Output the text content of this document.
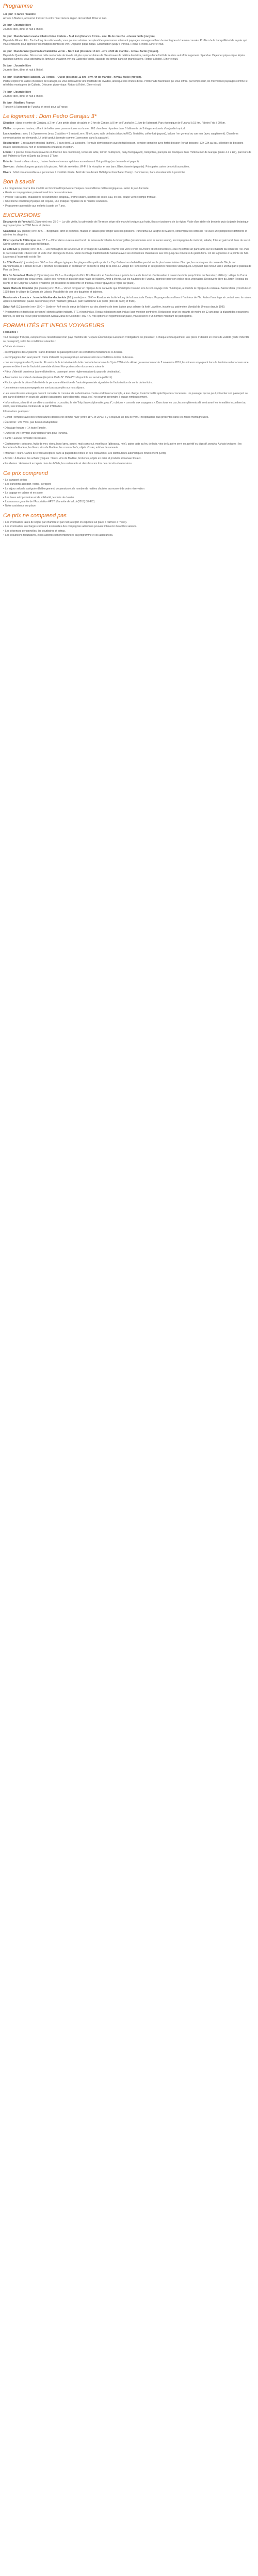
Programme
1er jour : France / Madère

Arrivée à Madère, accueil et transfert à votre hôtel dans la région de Funchal. Dîner et nuit.

2e jour : Journée libre

Journée libre, dîner et nuit à l'hôtel.

3e jour : Randonnée Levada Ribeiro Frio / Portela – Sud Est (distance 11 km - env. 4h de marche - niveau facile (moyen).

Départ de Ribeiro Frio. Tout le long de cette levada, vous pourrez admirer de splendides panoramas alternant paysages sauvages à flanc de montagne et chemins creusés. Profitez de la tranquillité et de la paix qui vous entourent pour apprécier les multiples teintes de vert. Déjeuner pique-nique. Continuation jusqu'à Portela. Retour à l'hôtel. Dîner et nuit.

4e jour : Randonnée Queimadas/Caldeirão Verde – Nord Est (distance 13 km - env. 4h30 de marche - niveau facile (moyen).

Départ de Queimadas. Découvrez cette randonnée de levada dû plus spectaculaires de l'île à travers la célèbre laurisilva, vestige d'une forêt de lauriers autrefois largement répandue. Déjeuner pique-nique. Après quelques tunnels, vous atteindrez la fameuse chaudron vert ou Caldeirão Verde, cascade qui tombe dans un grand cratère. Retour à l'hôtel. Dîner et nuit.

5e jour : Journée libre

Journée libre, dîner et nuit à l'hôtel.

6e jour : Randonnée Rabaçal / 25 Fontes – Ouest (distance 11 km - env. 4h de marche - niveau facile (moyen).

Partez explorer la vallée encaissée de Rabaçal, où vous découvrirez une multitude de levadas, ainsi que des chutes d'eau. Promenade fascinante qui vous offrira, par temps clair, de merveilleux paysages comme le relief des montagnes de Calheta. Déjeuner pique-nique. Retour à l'hôtel. Dîner et nuit.

7e jour : Journée libre

Journée libre, dîner et nuit à l'hôtel.

8e jour : Madère / France

Transfert à l'aéroport de Funchal et envol pour la France.

Le logement : Dom Pedro Garajau 3*

Situation : dans le centre de Garajau, à 2 km d'une petite plage de galets et 2 km de Caniço, à 8 km de Funchal et 11 km de l'aéroport. Parc écologique de Funchal à 15 km, Ribeiro Frio à 20 km.

Chiffre : un peu en hauteur, offrant de belles vues panoramiques sur la mer. 263 chambres réparties dans 6 bâtiments de 3 étages entourés d'un jardin tropical.

Les chambres : avec 1 à 3 personnes (max. 2 adultes + 1 enfant), env. 28 m², avec salle de bains (douche/WC), l'installée, coffre-fort (payant), balcon ! en genéral ou vue mer (avec supplément). Chambres communicantes sur demande. Lit bébé gratuit (compte comme 1 personne dans la capacité).

Restauration : 1 restaurant principal (buffets), 2 bars dont 1 à la piscine. Formule demi-pension avec forfait boisson, pension complète avec forfait boisson (forfait boisson : 33h-23h au bar, sélection de boissons locales alcoolisées ou non et de boissons chaudes) en option.

Loisirs : 1 piscine d'eau douce (ouverte en fonction des conditions), tennis de table, terrain multisports, baby-foot (payant), trampoline, panoplie de boutiques dans l'hôtel à mer de Garajau (entre 4 à 2 km), parcours de golf Palheiro à 4 km et Santo da Serra à 17 km).

Enfants : bassins d'eau douce, chaises hautes et menus spéciaux au restaurant. Baby-sitting (sur demande et payant).

Services : chaises longues gratuits à la piscine. Prêt de serviettes. Wi-Fi à la réception et aux bars. Blanchisserie (payante). Principales cartes de crédit acceptées.

Divers : hôtel non accessible aux personnes à mobilité réduite. Arrêt de bus devant l'hôtel pour Funchal et Caniço. Commerces, bars et restaurants à proximité.

Bon à savoir
• Le programme pourra être modifié en fonction d'imprévus techniques ou conditions météorologiques ou selon le jour d'arrivée.
• Guide accompagnateur professionnel lors des randonnées.
• Prévoir : sac à dos, chaussures de randonnée, chapeau, crème solaire, lunettes de soleil, eau, en cas, coupe-vent et lampe frontale.
• Une bonne condition physique est requise, une pratique régulière de la marche souhaitée.
• Programme accessible aux enfants à partir de 7 ans.
EXCURSIONS

Découverte de Funchal (1/2 journée) env. 35 € — La ville vivifie, la cathédrale de l'île reste siège et le marché typique aux fruits, fleurs et poissons de la région. Visite d'un atelier de broderie puis du jardin botanique regroupant plus de 2000 fleurs et plantes.

Calamaras (1/2 journée) env. 30 € — Belgimalio, arrêt le pommes, maquis et tabacs pour longer avec les poissons. Panorama sur la ligne de Madère, contemplez les côtes de l'île avec une perspective différente et admirez les dauphins.

Dîner spectacle folklorique env. 37 € — Dîner dans un restaurant local : le fameuse brochette de bœuf grillée (assaisonnée avec le laurier sauce), accompagnée de mots frit, salade, frites et gain local dans du sucré. Soirée animée par un groupe folklorique.

Le Côté Est (1 journée) env. 36 € — Les montagnes de la Côté Est et le village de Camacha. Pouvoir voir vers le Pico do Arieiro et son belvédère (1 810 m) offrant un panorama sur les massifs du centre de l'île. Puis le parc naturel de Ribeiro Frio et visite d'un élevage de truites. Visite du village traditionnel de Santana avec ses étonnantes chaumières aux toits jusqu'au cimetière du jardin flora. Fin de la journée à la pointe de São Lourenço à l'extrémité est de l'île.

Le Côté Ouest (1 journée) env. 36 € — Les villages typiques, les plages et les petits ports. Le Cap Girão et son belvédère perché sur la plus haute falaise d'Europe, les montagnes du centre de l'île, le col d'Encumeada, la « Route de l'Est » proches de cascades et continuer en corniche le long de la côte. Le village de Porto Moniz et ses piscines naturelles volcaniques. Déjeuner puis retour vers Funchal par le plateau de Paul da Serra.

Eira Do Serrado & Monte (1/2 journée) env. 25 € — Vue depuis la Pico Dos Barcelos et l'un des beaux points de vue de Funchal. Continuation à travers les bois jusqu'à Eira do Serrado (1 026 m) : village du Curral das Freiras visible par beau temps. Vallée des Nonnes et plus loin plus haute de Madère. Arrêt à Monte, sur les hauteurs de Funchal, apprécié pour son église et sa végétation. Découverte libre du Jardin Tropical du Monte et de l'Emprour Charles d'Autriche (et possibilité de descente en traineau d'osier (payant) à régler sur place).

Santa Maria de Colombo (1/2 journée) env. 35 € — Venez naviguer en réplique de la caravelle que Christophe Colomb lors de son voyage vers l'Amérique, à bord de la réplique du vaisseau Santa Maria (construite en 1998 dans le village de Camara de Lobos). Possibilité de voir des dauphins et baleines.

Randonnée « Levada » : la route Madère d'autrefois (1/2 journée) env. 30 € — Randonnée facile le long de la Levada de Caniço. Paysages des collines à l'intérieur de l'île. Faites l'avantage et contact avec la nature. Après la randonnée, pause café (inclus) chez l'habitant (gâteaux, pain traditionnel à la poêle (bolo de caco) et fruits).

Safari 4x4 (1/2 journée) env. 35 € — Sortie en 4x4 vers le cœur de Madère sur des chemins de terre battue pour admirer la forêt Laurifère, inscrite au patrimoine Mondial de Unesco depuis 1999.

* Programmes et tarifs (par personne) donnés à titre indicatif, TTC et non inclus. Repas et boissons non inclus (sauf mention contraire). Réductions pour les enfants de moins de 12 ans pour la plupart des excursions. Balnéo, ce tarif ou relevé pour l'excursion Santa Maria de Colombo : env. 4 €. Vos options et règlement sur place, vous réserve d'un nombre minimum de participants.

FORMALITÉS ET INFOS VOYAGEURS

Formalités :

Tout passager français, européens ou ressortissant d'un pays membre de l'Espace Économique Européen n'obligations de présenter, à chaque embarquement, une pièce d'identité en cours de validité (carte d'identité ou passeport), selon les conditions suivantes :

• Bébés et mineurs :

- accompagnés des 2 parents : carte d'identité ou passeport selon les conditions mentionnées ci-dessus.

- accompagnés d'un seul parent : Carte d'identité ou passeport (en sécable) selon les conditions écrites ci-dessus.

- non accompagnés des 2 parents : En vertu de la loi relative à la lutte contre le terrorisme du 3 juin 2016 et du décret gouvernemental du 2 novembre 2016, les mineurs voyageant hors du territoire national sans une personne détentrice de l'autorité parentale doivent être porteurs des documents suivants :

• Pièce d'identité du mineur (carte d'identité ou passeport selon réglementation du pays de destination).

• Autorisation de sortie du territoire (imprimé Cerfa N° 15646*01 disponible sur service-public.fr).

• Photocopie de la pièce d'identité de la personne détentrice de l'autorité parentale signataire de l'autorisation de sortie du territoire.

- Les mineurs non accompagnés ne sont pas acceptés sur nos séjours.

• Les ressortissants étrangers doivent consulter le consulat de la destination choisie et doivent accomplir, à leur charge, toute formalité spécifique les concernant. Un passager qui ne peut présenter son passeport ou une carte d'identité en cours de validité (passeport / carte d'identité, visas, etc.) ne pourrait prétendre à aucun remboursement.

• Informations, sécurité et conditions sanitaires : consultez le site "http://www.diplomatie.gouv.fr", rubrique « conseils aux voyageurs ». Dans tous les cas, les compléments d'il sont avant les formalités incombent au client, seul indication contraire de la part d'Héliades.

Informations pratiques :

• Climat : tempéré avec des températures douces été comme hiver (entre 18°C et 25°C). Il y a toujours un peu de vent. Précipitations plus présentes dans les zones montagneuses.

• Électricité : 220 Volts, pas besoin d'adaptateur.

• Décalage horaire : -1h toute l'année.

• Durée de vol : environ 3h30 depuis Paris pour Funchal.

• Santé : aucune formalité nécessaire.

• Gastronomie : poissons, fruits de mer, viseu, bœuf grec, poulet, maïs sans oui, moelleuse (gâteau au miel), pains cuits au feu de bois, vins de Madère servi en apéritif ou digestif, poncha. Achats typiques : les broderies de Madère, les fleurs, vins de Madère, les couvre-chefs, objets d'osier, articles de vannerie.

• Monnaie : l'euro. Cartes de crédit acceptées dans la plupart des hôtels et des restaurants. Les distributeurs automatiques fonctionnent (DAB).

• Achats : À Madère, les achats typiques : fleurs, vins de Madère, broderies, objets en osier et produits artisanaux locaux.

• Pourboires : Autrement acceptés dans les hôtels, les restaurants et dans les cars lors des circuits et excursions.

Ce prix comprend
• Le transport aérien
• Les transferts aéroport / hôtel / aéroport
• Le séjour selon la catégorie d'hébergement, de pension et de nombre de nuitées choisies au moment de votre réservation
• Le bagage en cabine et en soute
• Les taxes aéroportuaires et de solidarité, les frais de dossier.
• L'assurance garantie de l'Association APST (Garantie de la Loi (2015) 8/7-EC)
• Notre assistance sur place.
Ce prix ne comprend pas
• Les éventuelles taxes de séjour par chambre et par nuit (à régler en espèces sur place à l'arrivée à l'hôtel).
• Les éventuelles surcharges carburant éventuelles des compagnies aériennes pouvant intervenir durant les saisons.
• Les dépenses personnelles, les pourboires et extras.
• Les excursions facultatives, et les activités non mentionnées au programme et les assurances.
